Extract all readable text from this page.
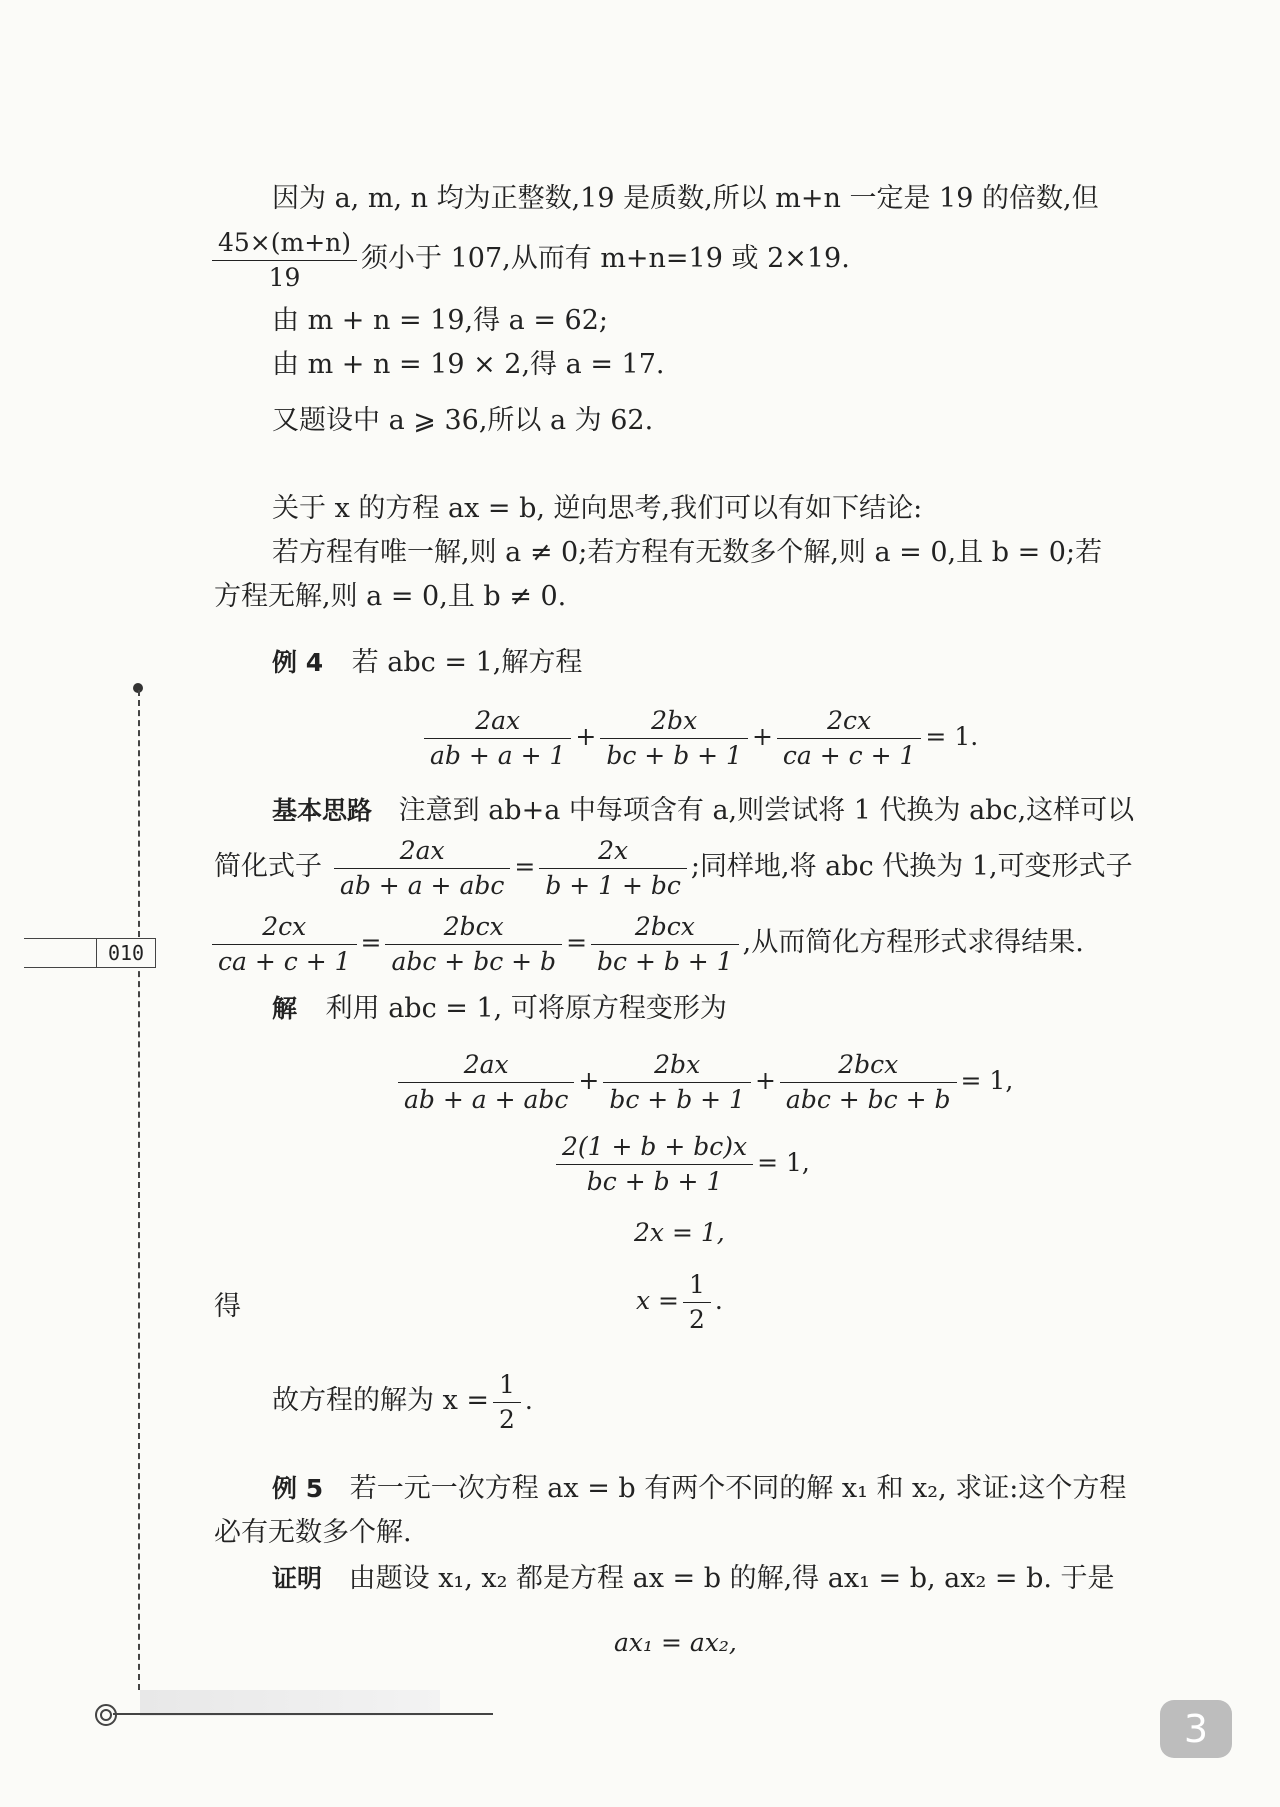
010
因为 a, m, n 均为正整数,19 是质数,所以 m+n 一定是 19 的倍数,但
$\frac{45\times(m+n)}{19}$ 须小于 107,从而有 m+n=19 或 2×19.
由 m + n = 19,得 a = 62;
由 m + n = 19 × 2,得 a = 17.
又题设中 a ⩾ 36,所以 a 为 62.
关于 x 的方程 ax = b, 逆向思考,我们可以有如下结论:
若方程有唯一解,则 a ≠ 0;若方程有无数多个解,则 a = 0,且 b = 0;若
方程无解,则 a = 0,且 b ≠ 0.
例 4 若 abc = 1,解方程
$\frac{2ax}{ab + a + 1} + \frac{2bx}{bc + b + 1} + \frac{2cx}{ca + c + 1} = 1$.
基本思路 注意到 ab+a 中每项含有 a,则尝试将 1 代换为 abc,这样可以
简化式子 $\frac{2ax}{\text{ab + a + abc}} = \frac{2x}{b + 1 + bc}$ ;同样地,将 abc 代换为 1,可变形式子
$\frac{2cx}{ca + c + 1} = \frac{\text{2bcx}}{\text{abc + bc + b}} = \frac{\text{2bcx}}{bc + b + 1}$ ,从而简化方程形式求得结果.
解 利用 abc = 1, 可将原方程变形为
$\frac{2ax}{\text{ab + a + abc}} + \frac{2bx}{bc + b + 1} + \frac{\text{2bcx}}{\text{abc + bc + b}} = 1$,
$\frac{2(1 + b + bc)x}{bc + b + 1} = 1$,
2x = 1,
得	$x = \frac{1}{2}$ .
故方程的解为 $x = \frac{1}{2}$ .
例 5 若一元一次方程 ax = b 有两个不同的解 x₁ 和 x₂, 求证:这个方程
必有无数多个解.
证明 由题设 x₁, x₂ 都是方程 ax = b 的解,得 ax₁ = b, ax₂ = b. 于是
ax₁ = ax₂,
3
